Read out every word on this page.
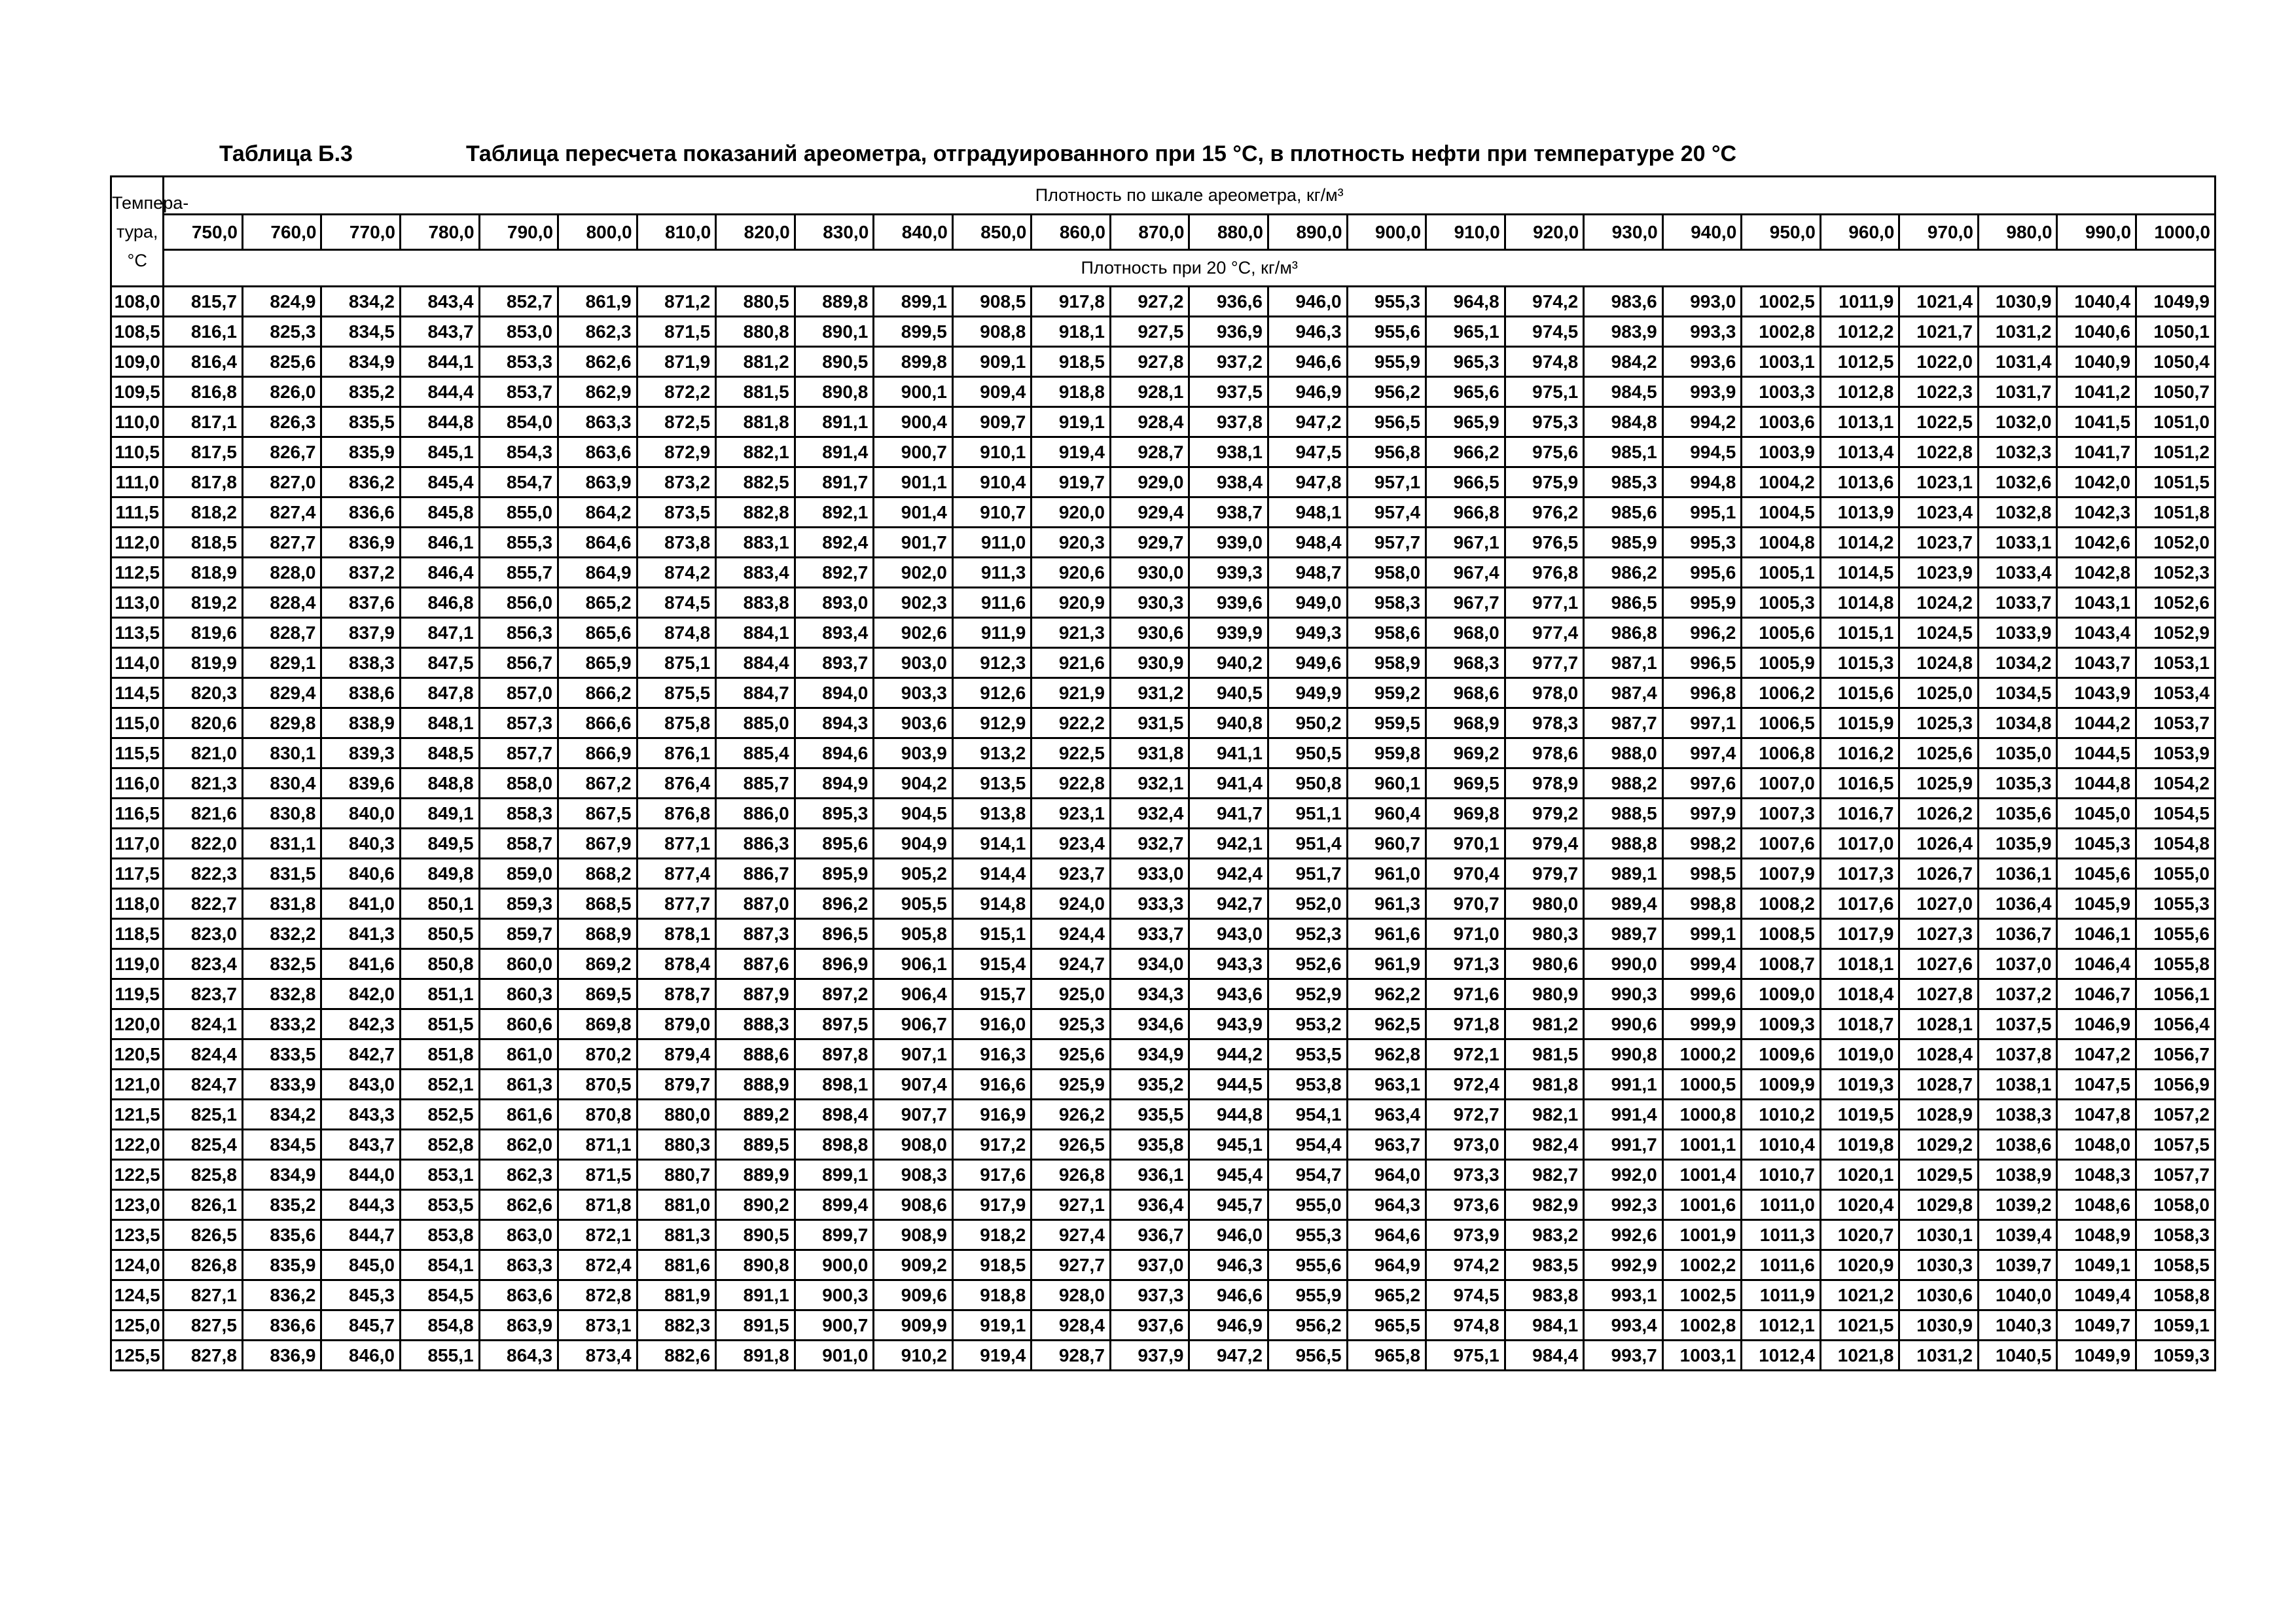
Таблица Б.3	Таблица пересчета показаний ареометра, отградуированного при 15 °С, в плотность нефти при температуре 20 °С
Темпера-
тура,
°С	Плотность по шкале ареометра, кг/м³																									
	750,0	760,0	770,0	780,0	790,0	800,0	810,0	820,0	830,0	840,0	850,0	860,0	870,0	880,0	890,0	900,0	910,0	920,0	930,0	940,0	950,0	960,0	970,0	980,0	990,0	1000,0
	Плотность при 20 °С, кг/м³																									
108,0	815,7	824,9	834,2	843,4	852,7	861,9	871,2	880,5	889,8	899,1	908,5	917,8	927,2	936,6	946,0	955,3	964,8	974,2	983,6	993,0	1002,5	1011,9	1021,4	1030,9	1040,4	1049,9
108,5	816,1	825,3	834,5	843,7	853,0	862,3	871,5	880,8	890,1	899,5	908,8	918,1	927,5	936,9	946,3	955,6	965,1	974,5	983,9	993,3	1002,8	1012,2	1021,7	1031,2	1040,6	1050,1
109,0	816,4	825,6	834,9	844,1	853,3	862,6	871,9	881,2	890,5	899,8	909,1	918,5	927,8	937,2	946,6	955,9	965,3	974,8	984,2	993,6	1003,1	1012,5	1022,0	1031,4	1040,9	1050,4
109,5	816,8	826,0	835,2	844,4	853,7	862,9	872,2	881,5	890,8	900,1	909,4	918,8	928,1	937,5	946,9	956,2	965,6	975,1	984,5	993,9	1003,3	1012,8	1022,3	1031,7	1041,2	1050,7
110,0	817,1	826,3	835,5	844,8	854,0	863,3	872,5	881,8	891,1	900,4	909,7	919,1	928,4	937,8	947,2	956,5	965,9	975,3	984,8	994,2	1003,6	1013,1	1022,5	1032,0	1041,5	1051,0
110,5	817,5	826,7	835,9	845,1	854,3	863,6	872,9	882,1	891,4	900,7	910,1	919,4	928,7	938,1	947,5	956,8	966,2	975,6	985,1	994,5	1003,9	1013,4	1022,8	1032,3	1041,7	1051,2
111,0	817,8	827,0	836,2	845,4	854,7	863,9	873,2	882,5	891,7	901,1	910,4	919,7	929,0	938,4	947,8	957,1	966,5	975,9	985,3	994,8	1004,2	1013,6	1023,1	1032,6	1042,0	1051,5
111,5	818,2	827,4	836,6	845,8	855,0	864,2	873,5	882,8	892,1	901,4	910,7	920,0	929,4	938,7	948,1	957,4	966,8	976,2	985,6	995,1	1004,5	1013,9	1023,4	1032,8	1042,3	1051,8
112,0	818,5	827,7	836,9	846,1	855,3	864,6	873,8	883,1	892,4	901,7	911,0	920,3	929,7	939,0	948,4	957,7	967,1	976,5	985,9	995,3	1004,8	1014,2	1023,7	1033,1	1042,6	1052,0
112,5	818,9	828,0	837,2	846,4	855,7	864,9	874,2	883,4	892,7	902,0	911,3	920,6	930,0	939,3	948,7	958,0	967,4	976,8	986,2	995,6	1005,1	1014,5	1023,9	1033,4	1042,8	1052,3
113,0	819,2	828,4	837,6	846,8	856,0	865,2	874,5	883,8	893,0	902,3	911,6	920,9	930,3	939,6	949,0	958,3	967,7	977,1	986,5	995,9	1005,3	1014,8	1024,2	1033,7	1043,1	1052,6
113,5	819,6	828,7	837,9	847,1	856,3	865,6	874,8	884,1	893,4	902,6	911,9	921,3	930,6	939,9	949,3	958,6	968,0	977,4	986,8	996,2	1005,6	1015,1	1024,5	1033,9	1043,4	1052,9
114,0	819,9	829,1	838,3	847,5	856,7	865,9	875,1	884,4	893,7	903,0	912,3	921,6	930,9	940,2	949,6	958,9	968,3	977,7	987,1	996,5	1005,9	1015,3	1024,8	1034,2	1043,7	1053,1
114,5	820,3	829,4	838,6	847,8	857,0	866,2	875,5	884,7	894,0	903,3	912,6	921,9	931,2	940,5	949,9	959,2	968,6	978,0	987,4	996,8	1006,2	1015,6	1025,0	1034,5	1043,9	1053,4
115,0	820,6	829,8	838,9	848,1	857,3	866,6	875,8	885,0	894,3	903,6	912,9	922,2	931,5	940,8	950,2	959,5	968,9	978,3	987,7	997,1	1006,5	1015,9	1025,3	1034,8	1044,2	1053,7
115,5	821,0	830,1	839,3	848,5	857,7	866,9	876,1	885,4	894,6	903,9	913,2	922,5	931,8	941,1	950,5	959,8	969,2	978,6	988,0	997,4	1006,8	1016,2	1025,6	1035,0	1044,5	1053,9
116,0	821,3	830,4	839,6	848,8	858,0	867,2	876,4	885,7	894,9	904,2	913,5	922,8	932,1	941,4	950,8	960,1	969,5	978,9	988,2	997,6	1007,0	1016,5	1025,9	1035,3	1044,8	1054,2
116,5	821,6	830,8	840,0	849,1	858,3	867,5	876,8	886,0	895,3	904,5	913,8	923,1	932,4	941,7	951,1	960,4	969,8	979,2	988,5	997,9	1007,3	1016,7	1026,2	1035,6	1045,0	1054,5
117,0	822,0	831,1	840,3	849,5	858,7	867,9	877,1	886,3	895,6	904,9	914,1	923,4	932,7	942,1	951,4	960,7	970,1	979,4	988,8	998,2	1007,6	1017,0	1026,4	1035,9	1045,3	1054,8
117,5	822,3	831,5	840,6	849,8	859,0	868,2	877,4	886,7	895,9	905,2	914,4	923,7	933,0	942,4	951,7	961,0	970,4	979,7	989,1	998,5	1007,9	1017,3	1026,7	1036,1	1045,6	1055,0
118,0	822,7	831,8	841,0	850,1	859,3	868,5	877,7	887,0	896,2	905,5	914,8	924,0	933,3	942,7	952,0	961,3	970,7	980,0	989,4	998,8	1008,2	1017,6	1027,0	1036,4	1045,9	1055,3
118,5	823,0	832,2	841,3	850,5	859,7	868,9	878,1	887,3	896,5	905,8	915,1	924,4	933,7	943,0	952,3	961,6	971,0	980,3	989,7	999,1	1008,5	1017,9	1027,3	1036,7	1046,1	1055,6
119,0	823,4	832,5	841,6	850,8	860,0	869,2	878,4	887,6	896,9	906,1	915,4	924,7	934,0	943,3	952,6	961,9	971,3	980,6	990,0	999,4	1008,7	1018,1	1027,6	1037,0	1046,4	1055,8
119,5	823,7	832,8	842,0	851,1	860,3	869,5	878,7	887,9	897,2	906,4	915,7	925,0	934,3	943,6	952,9	962,2	971,6	980,9	990,3	999,6	1009,0	1018,4	1027,8	1037,2	1046,7	1056,1
120,0	824,1	833,2	842,3	851,5	860,6	869,8	879,0	888,3	897,5	906,7	916,0	925,3	934,6	943,9	953,2	962,5	971,8	981,2	990,6	999,9	1009,3	1018,7	1028,1	1037,5	1046,9	1056,4
120,5	824,4	833,5	842,7	851,8	861,0	870,2	879,4	888,6	897,8	907,1	916,3	925,6	934,9	944,2	953,5	962,8	972,1	981,5	990,8	1000,2	1009,6	1019,0	1028,4	1037,8	1047,2	1056,7
121,0	824,7	833,9	843,0	852,1	861,3	870,5	879,7	888,9	898,1	907,4	916,6	925,9	935,2	944,5	953,8	963,1	972,4	981,8	991,1	1000,5	1009,9	1019,3	1028,7	1038,1	1047,5	1056,9
121,5	825,1	834,2	843,3	852,5	861,6	870,8	880,0	889,2	898,4	907,7	916,9	926,2	935,5	944,8	954,1	963,4	972,7	982,1	991,4	1000,8	1010,2	1019,5	1028,9	1038,3	1047,8	1057,2
122,0	825,4	834,5	843,7	852,8	862,0	871,1	880,3	889,5	898,8	908,0	917,2	926,5	935,8	945,1	954,4	963,7	973,0	982,4	991,7	1001,1	1010,4	1019,8	1029,2	1038,6	1048,0	1057,5
122,5	825,8	834,9	844,0	853,1	862,3	871,5	880,7	889,9	899,1	908,3	917,6	926,8	936,1	945,4	954,7	964,0	973,3	982,7	992,0	1001,4	1010,7	1020,1	1029,5	1038,9	1048,3	1057,7
123,0	826,1	835,2	844,3	853,5	862,6	871,8	881,0	890,2	899,4	908,6	917,9	927,1	936,4	945,7	955,0	964,3	973,6	982,9	992,3	1001,6	1011,0	1020,4	1029,8	1039,2	1048,6	1058,0
123,5	826,5	835,6	844,7	853,8	863,0	872,1	881,3	890,5	899,7	908,9	918,2	927,4	936,7	946,0	955,3	964,6	973,9	983,2	992,6	1001,9	1011,3	1020,7	1030,1	1039,4	1048,9	1058,3
124,0	826,8	835,9	845,0	854,1	863,3	872,4	881,6	890,8	900,0	909,2	918,5	927,7	937,0	946,3	955,6	964,9	974,2	983,5	992,9	1002,2	1011,6	1020,9	1030,3	1039,7	1049,1	1058,5
124,5	827,1	836,2	845,3	854,5	863,6	872,8	881,9	891,1	900,3	909,6	918,8	928,0	937,3	946,6	955,9	965,2	974,5	983,8	993,1	1002,5	1011,9	1021,2	1030,6	1040,0	1049,4	1058,8
125,0	827,5	836,6	845,7	854,8	863,9	873,1	882,3	891,5	900,7	909,9	919,1	928,4	937,6	946,9	956,2	965,5	974,8	984,1	993,4	1002,8	1012,1	1021,5	1030,9	1040,3	1049,7	1059,1
125,5	827,8	836,9	846,0	855,1	864,3	873,4	882,6	891,8	901,0	910,2	919,4	928,7	937,9	947,2	956,5	965,8	975,1	984,4	993,7	1003,1	1012,4	1021,8	1031,2	1040,5	1049,9	1059,3
